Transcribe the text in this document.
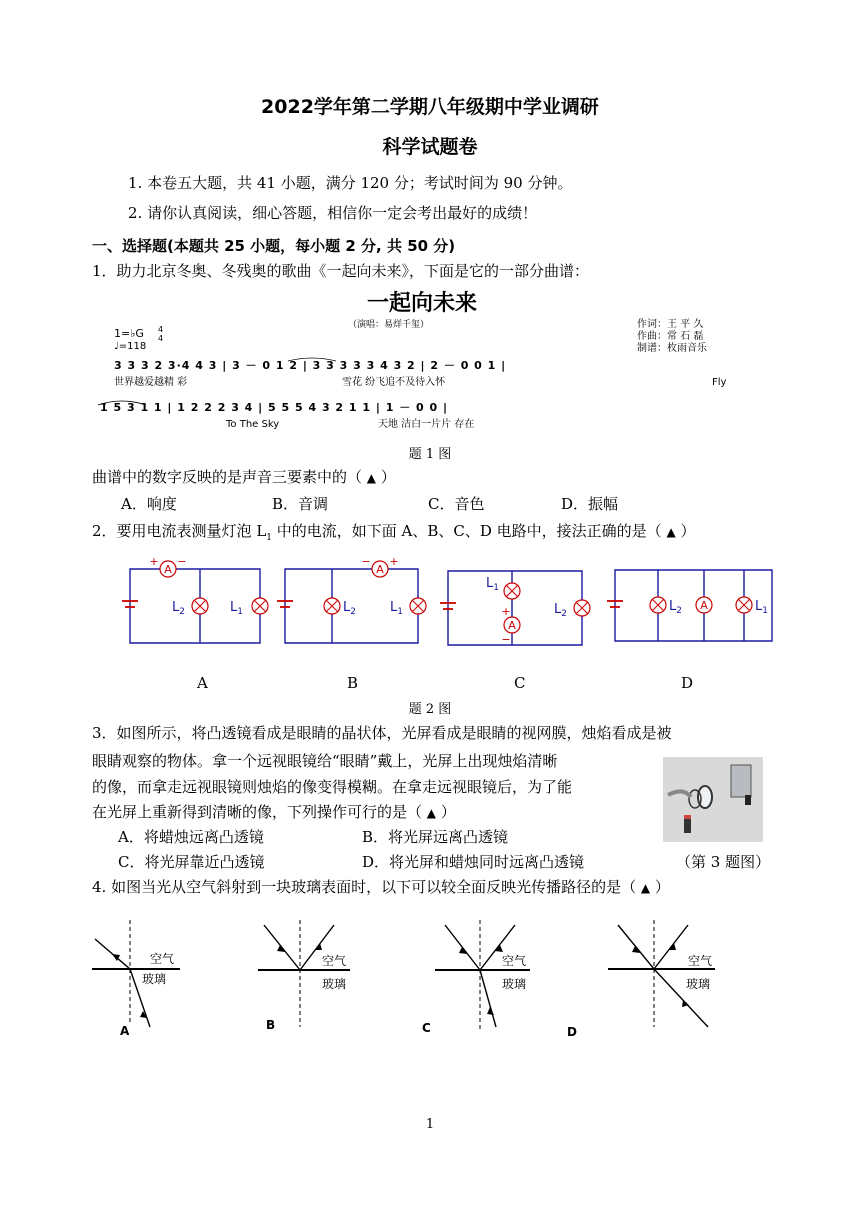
2022学年第二学期八年级期中学业调研
科学试题卷
1. 本卷五大题，共 41 小题，满分 120 分；考试时间为 90 分钟。
2. 请你认真阅读，细心答题，相信你一定会考出最好的成绩！
一、选择题(本题共 25 小题，每小题 2 分, 共 50 分)
1．助力北京冬奥、冬残奥的歌曲《一起向未来》，下面是它的一部分曲谱：
一起向未来
（演唱：易烊千玺）
1=♭G 4
4
♩=118
作词：王 平 久
作曲：常 石 磊
制谱：枚雨音乐
3 3 3 2 3·4 4 3 | 3 － 0 1 2 | 3 3 3 3 3 4 3 2 | 2 － 0 0 1 |
世界越爱越精 彩	雪花 纷飞追不及待入怀	Fly
1̇ 5 3 1 1 | 1 2 2 2 3 4 | 5 5 5 4 3 2 1 1 | 1 － 0 0 |
To The Sky	天地 洁白一片片 存在
题 1 图
曲谱中的数字反映的是声音三要素中的（ ▲ ）
A．响度	B．音调	C．音色	D．振幅
2．要用电流表测量灯泡 $L_1$ 中的电流，如下面 A、B、C、D 电路中，接法正确的是（ ▲ ）
A	A
A
A
+ −	− +
+
−
$L_2$	$L_1$	$L_2$	$L_1$
$L_1$
$L_2$	$L_2$	$L_1$
A	B	C	D
题 2 图
3．如图所示，将凸透镜看成是眼睛的晶状体，光屏看成是眼睛的视网膜，烛焰看成是被
眼睛观察的物体。拿一个远视眼镜给“眼睛”戴上，光屏上出现烛焰清晰
的像，而拿走远视眼镜则烛焰的像变得模糊。在拿走远视眼镜后，为了能
在光屏上重新得到清晰的像，下列操作可行的是（ ▲ ）
A．将蜡烛远离凸透镜	B．将光屏远离凸透镜
C．将光屏靠近凸透镜	D．将光屏和蜡烛同时远离凸透镜	（第 3 题图）
4. 如图当光从空气斜射到一块玻璃表面时，以下可以较全面反映光传播路径的是（ ▲ ）
空气
玻璃
空气
玻璃
空气
玻璃
空气
玻璃
A	B	C	D
1
